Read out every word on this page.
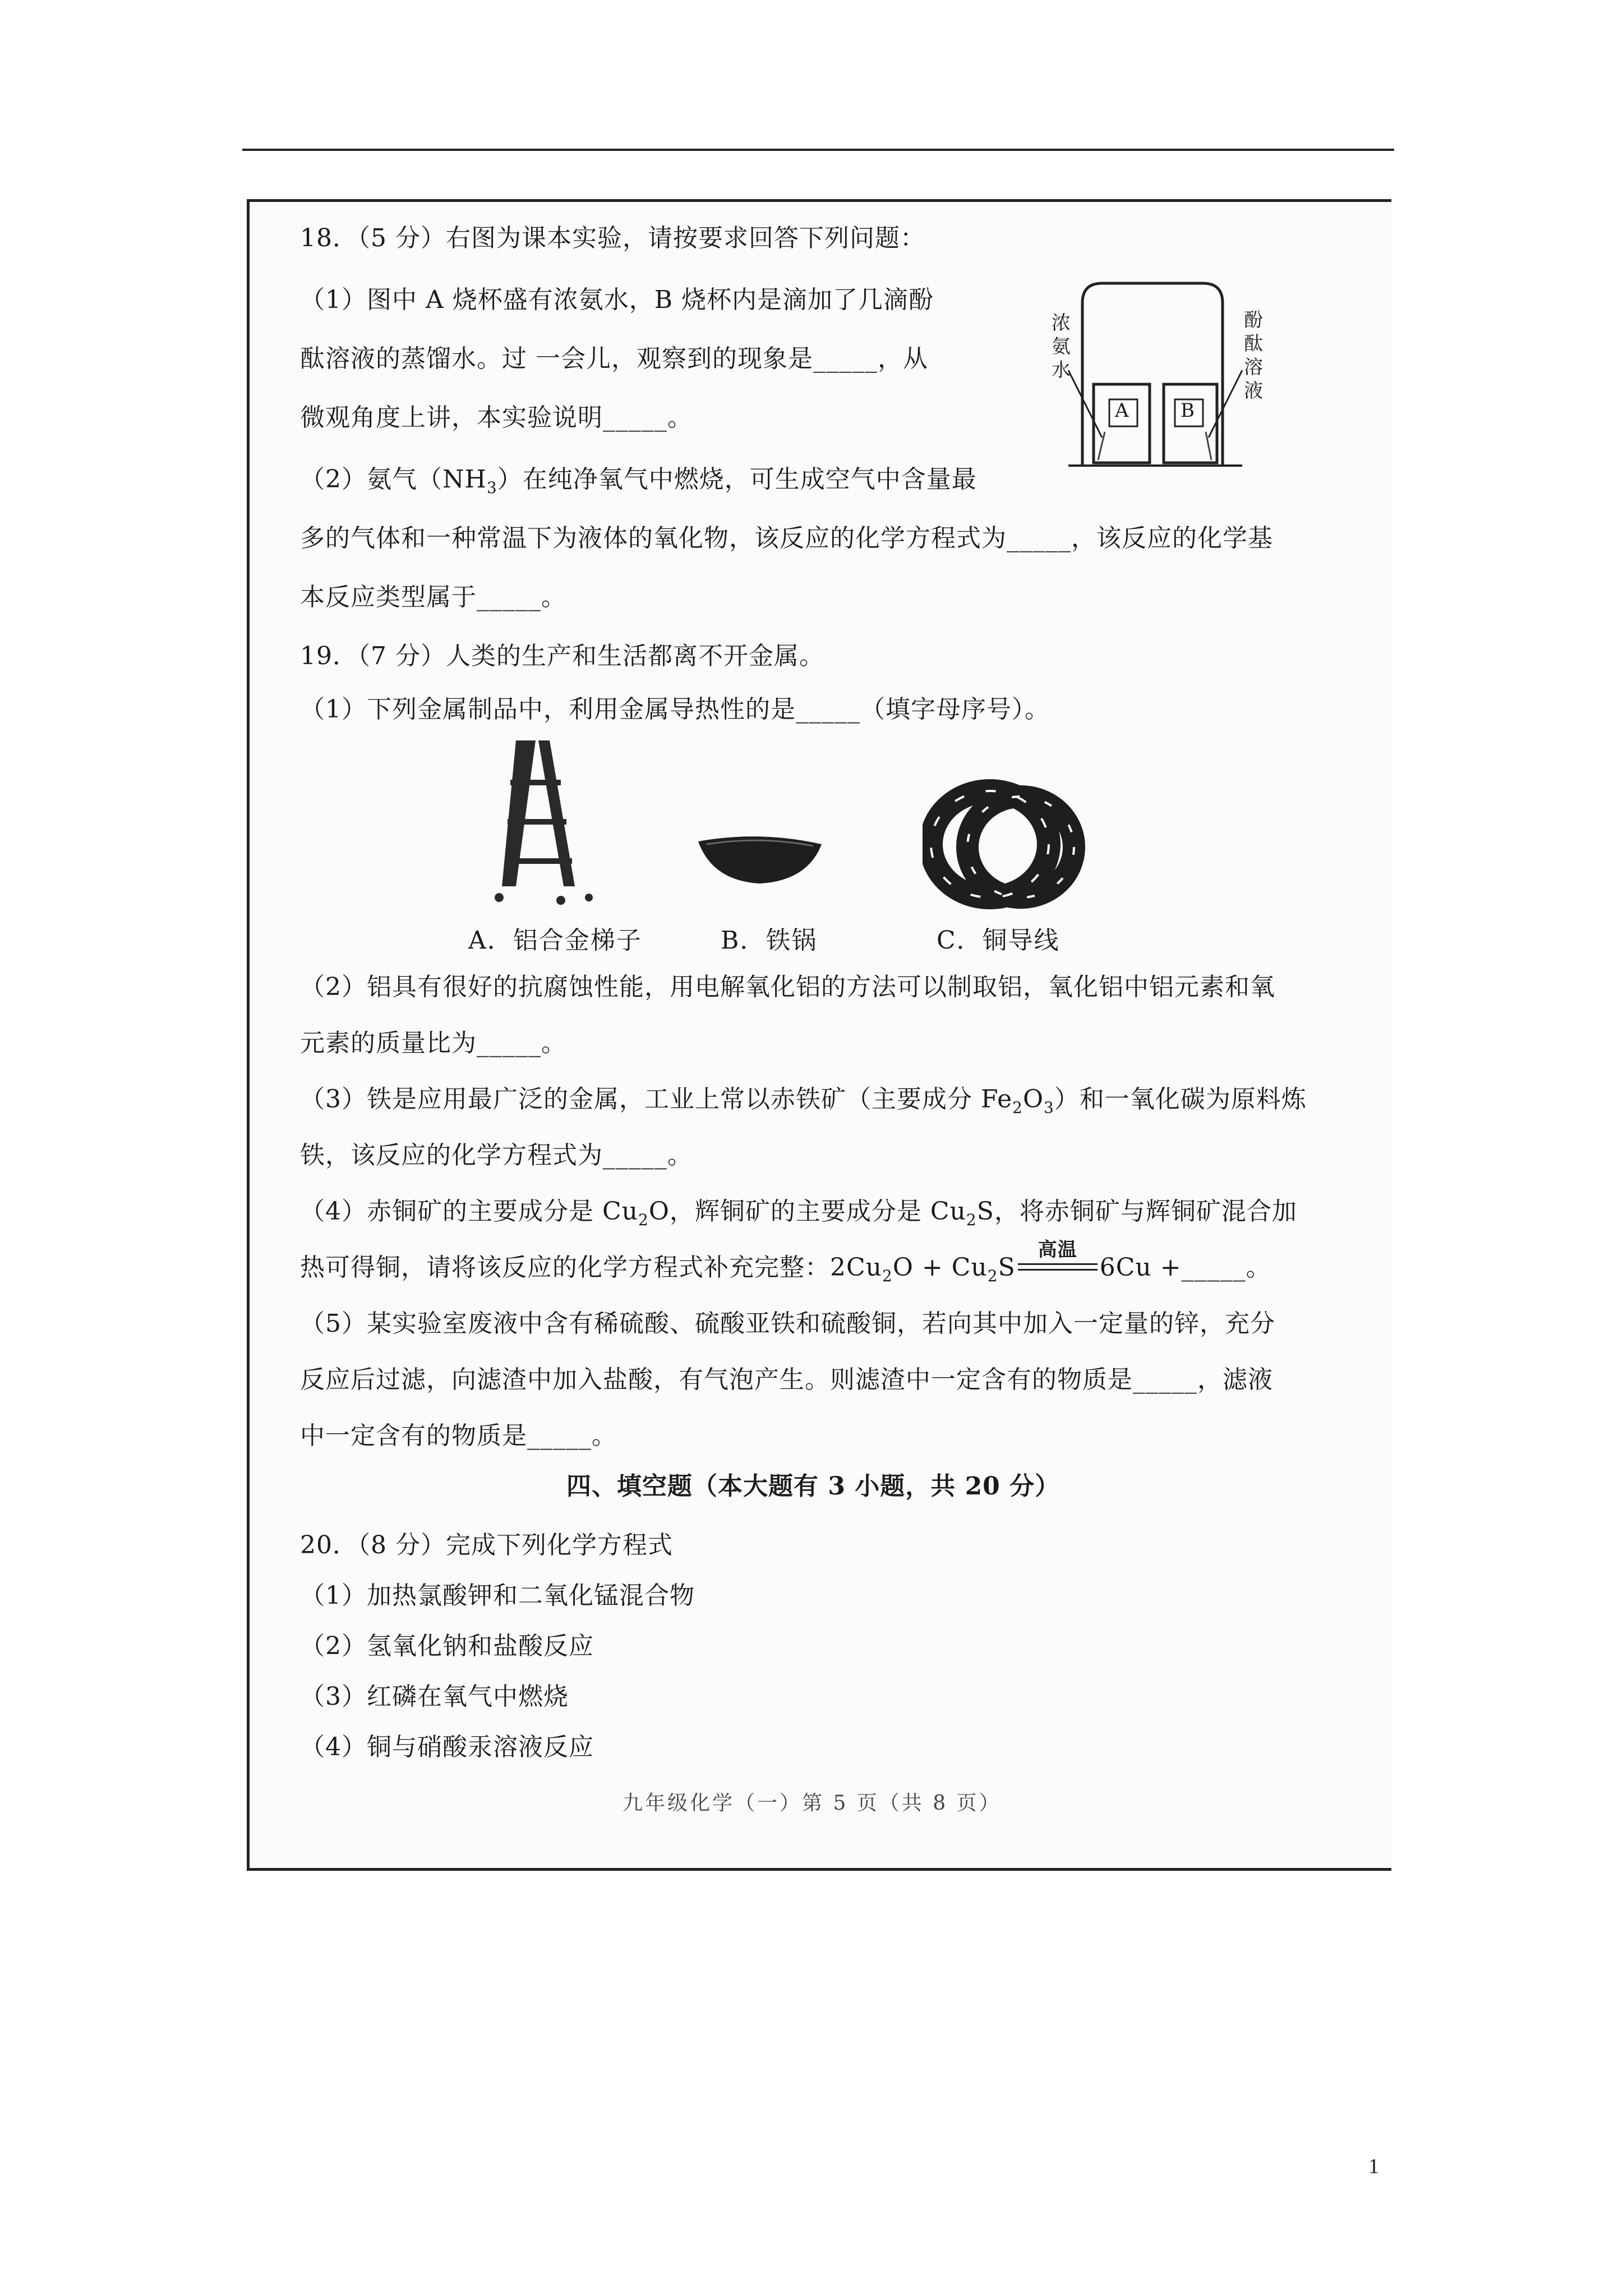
18．（5 分）右图为课本实验，请按要求回答下列问题：
（1）图中 A 烧杯盛有浓氨水，B 烧杯内是滴加了几滴酚
酞溶液的蒸馏水。过 一会儿，观察到的现象是_____，从
微观角度上讲，本实验说明_____。
（2）氨气$(NH_3)$在纯净氧气中燃烧，可生成空气中含量最
多的气体和一种常温下为液体的氧化物，该反应的化学方程式为_____，该反应的化学基
本反应类型属于_____。
A	B
浓氨水
酚酞溶液
19．（7 分）人类的生产和生活都离不开金属。
（1）下列金属制品中，利用金属导热性的是_____（填字母序号）。
A．铝合金梯子	B．铁锅	C．铜导线
（2）铝具有很好的抗腐蚀性能，用电解氧化铝的方法可以制取铝，氧化铝中铝元素和氧
元素的质量比为_____。
（3）铁是应用最广泛的金属，工业上常以赤铁矿（主要成分 $Fe_2O_3$）和一氧化碳为原料炼
铁，该反应的化学方程式为_____。
（4）赤铜矿的主要成分是 $Cu_2O$，辉铜矿的主要成分是 $Cu_2S$，将赤铜矿与辉铜矿混合加
热可得铜，请将该反应的化学方程式补充完整：$2Cu_2O + Cu_2S$
高温
6Cu +_____。
（5）某实验室废液中含有稀硫酸、硫酸亚铁和硫酸铜，若向其中加入一定量的锌，充分
反应后过滤，向滤渣中加入盐酸，有气泡产生。则滤渣中一定含有的物质是_____，滤液
中一定含有的物质是_____。
四、填空题（本大题有 3 小题，共 20 分）
20．（8 分）完成下列化学方程式
（1）加热氯酸钾和二氧化锰混合物
（2）氢氧化钠和盐酸反应
（3）红磷在氧气中燃烧
（4）铜与硝酸汞溶液反应
九年级化学（一）第 5 页（共 8 页）
1
